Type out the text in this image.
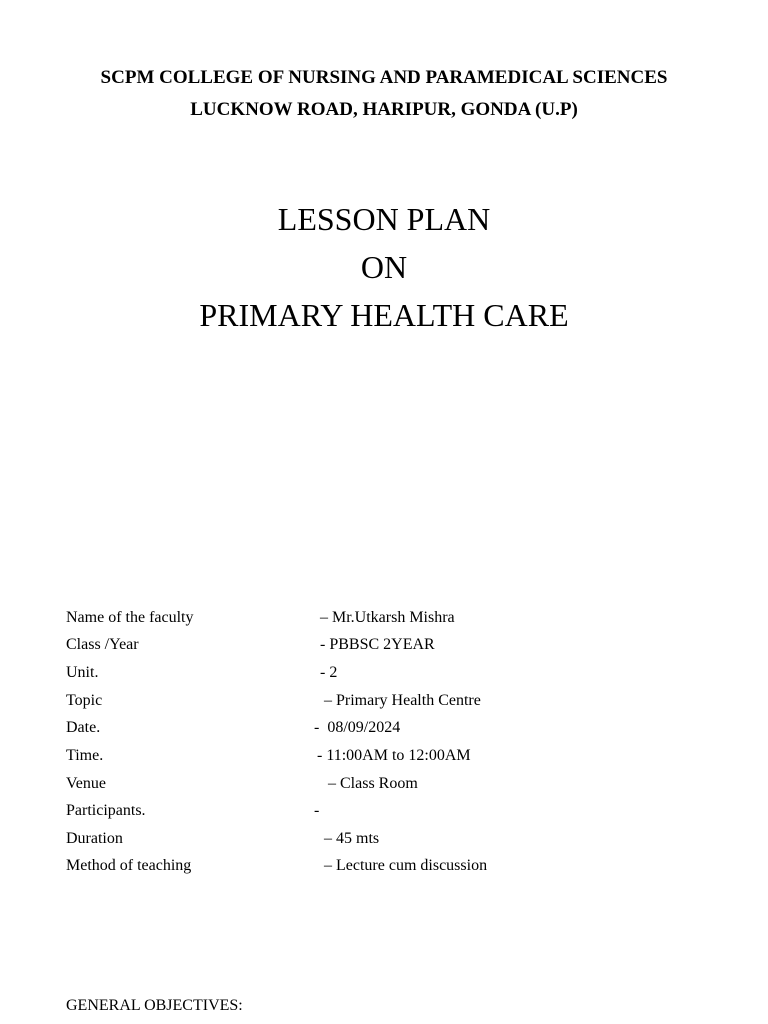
SCPM COLLEGE OF NURSING AND PARAMEDICAL SCIENCES
LUCKNOW ROAD, HARIPUR, GONDA (U.P)
LESSON PLAN
ON
PRIMARY HEALTH CARE

Name of the faculty

	– Mr.Utkarsh Mishra

Class /Year

	- PBBSC 2YEAR

Unit.

	- 2

Topic

	– Primary Health Centre

Date.

	-  08/09/2024

Time.

	- 11:00AM to 12:00AM

Venue

	– Class Room

Participants.

	-

Duration

	– 45 mts

Method of teaching

	– Lecture cum discussion

GENERAL OBJECTIVES:
